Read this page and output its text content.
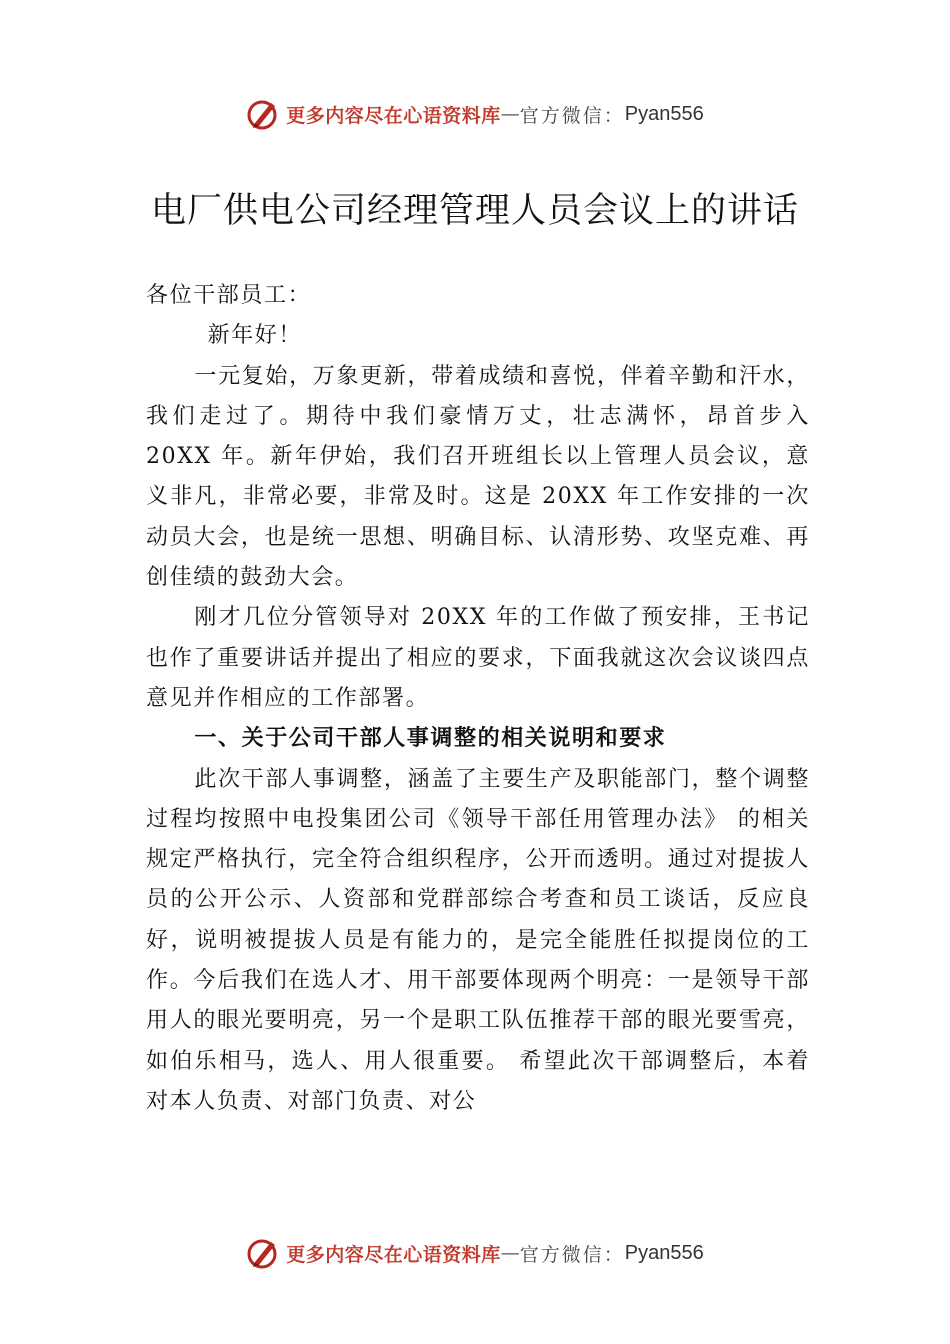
更多内容尽在心语资料库 — 官方微信： Pyan556
电厂供电公司经理管理人员会议上的讲话

各位干部员工：

新年好！

一元复始，万象更新，带着成绩和喜悦，伴着辛勤和汗水，我们走过了。期待中我们豪情万丈，壮志满怀，昂首步入 20XX 年。新年伊始，我们召开班组长以上管理人员会议，意义非凡，非常必要，非常及时。这是 20XX 年工作安排的一次动员大会，也是统一思想、明确目标、认清形势、攻坚克难、再创佳绩的鼓劲大会。

刚才几位分管领导对 20XX 年的工作做了预安排，王书记也作了重要讲话并提出了相应的要求，下面我就这次会议谈四点意见并作相应的工作部署。

一、关于公司干部人事调整的相关说明和要求

此次干部人事调整，涵盖了主要生产及职能部门，整个调整过程均按照中电投集团公司《领导干部任用管理办法》 的相关规定严格执行，完全符合组织程序，公开而透明。通过对提拔人员的公开公示、人资部和党群部综合考查和员工谈话，反应良好，说明被提拔人员是有能力的，是完全能胜任拟提岗位的工作。今后我们在选人才、用干部要体现两个明亮：一是领导干部用人的眼光要明亮，另一个是职工队伍推荐干部的眼光要雪亮，如伯乐相马，选人、用人很重要。 希望此次干部调整后，本着对本人负责、对部门负责、对公

更多内容尽在心语资料库 — 官方微信： Pyan556
